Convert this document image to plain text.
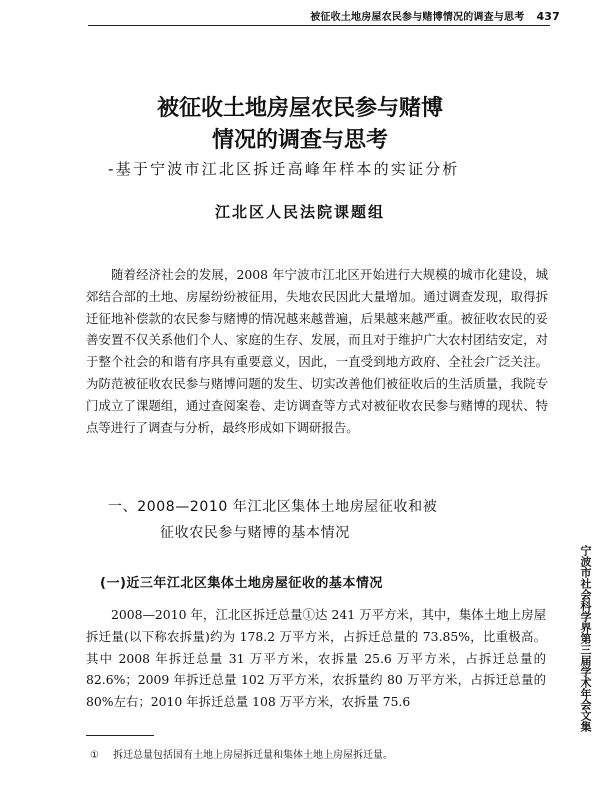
被征收土地房屋农民参与赌博情况的调查与思考 437
被征收土地房屋农民参与赌博
情况的调查与思考
-基于宁波市江北区拆迁高峰年样本的实证分析
江北区人民法院课题组

随着经济社会的发展，2008 年宁波市江北区开始进行大规模的城市化建设，城郊结合部的土地、房屋纷纷被征用，失地农民因此大量增加。通过调查发现，取得拆迁征地补偿款的农民参与赌博的情况越来越普遍，后果越来越严重。被征收农民的妥善安置不仅关系他们个人、家庭的生存、发展，而且对于维护广大农村团结安定，对于整个社会的和谐有序具有重要意义，因此，一直受到地方政府、全社会广泛关注。为防范被征收农民参与赌博问题的发生、切实改善他们被征收后的生活质量，我院专门成立了课题组，通过查阅案卷、走访调查等方式对被征收农民参与赌博的现状、特点等进行了调查与分析，最终形成如下调研报告。

一、2008—2010 年江北区集体土地房屋征收和被
征收农民参与赌博的基本情况
(一)近三年江北区集体土地房屋征收的基本情况

2008—2010 年，江北区拆迁总量①达 241 万平方米，其中，集体土地上房屋拆迁量(以下称农拆量)约为 178.2 万平方米，占拆迁总量的 73.85%，比重极高。其中 2008 年拆迁总量 31 万平方米，农拆量 25.6 万平方米，占拆迁总量的 82.6%；2009 年拆迁总量 102 万平方米，农拆量约 80 万平方米，占拆迁总量的 80%左右；2010 年拆迁总量 108 万平方米，农拆量 75.6

① 拆迁总量包括国有土地上房屋拆迁量和集体土地上房屋拆迁量。
宁波市社会科学界第三届学术年会文集
